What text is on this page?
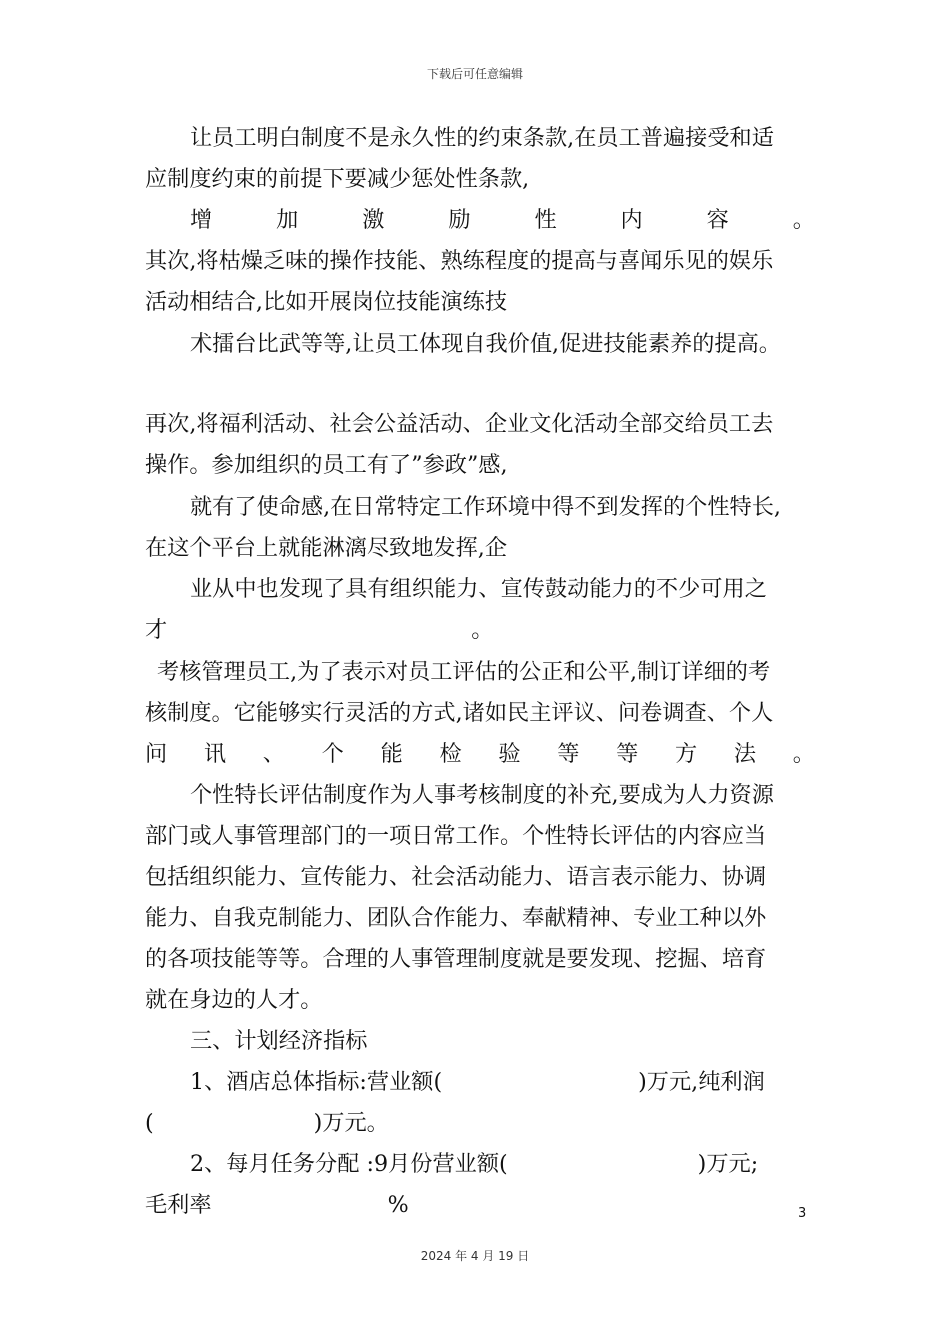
下载后可任意编辑
让员工明白制度不是永久性的约束条款,在员工普遍接受和适
应制度约束的前提下要减少惩处性条款,
增	加	激	励	性	内	容	。
其次,将枯燥乏味的操作技能、熟练程度的提高与喜闻乐见的娱乐
活动相结合,比如开展岗位技能演练技
术擂台比武等等,让员工体现自我价值,促进技能素养的提高。
再次,将福利活动、社会公益活动、企业文化活动全部交给员工去
操作。参加组织的员工有了”参政”感,
就有了使命感,在日常特定工作环境中得不到发挥的个性特长,
在这个平台上就能淋漓尽致地发挥,企
业从中也发现了具有组织能力、宣传鼓动能力的不少可用之
才	。
考核管理员工,为了表示对员工评估的公正和公平,制订详细的考
核制度。它能够实行灵活的方式,诸如民主评议、问卷调查、个人
问 讯 、 个 能 检 验 等 等 方 法 。
个性特长评估制度作为人事考核制度的补充,要成为人力资源
部门或人事管理部门的一项日常工作。个性特长评估的内容应当
包括组织能力、宣传能力、社会活动能力、语言表示能力、协调
能力、自我克制能力、团队合作能力、奉献精神、专业工种以外
的各项技能等等。合理的人事管理制度就是要发现、挖掘、培育
就在身边的人才。
三、计划经济指标
1、酒店总体指标:营业额(	)万元,纯利润
(	)万元。
2、每月任务分配 :9月份营业额(	)万元;
毛利率	%	3
2024 年 4 月 19 日
